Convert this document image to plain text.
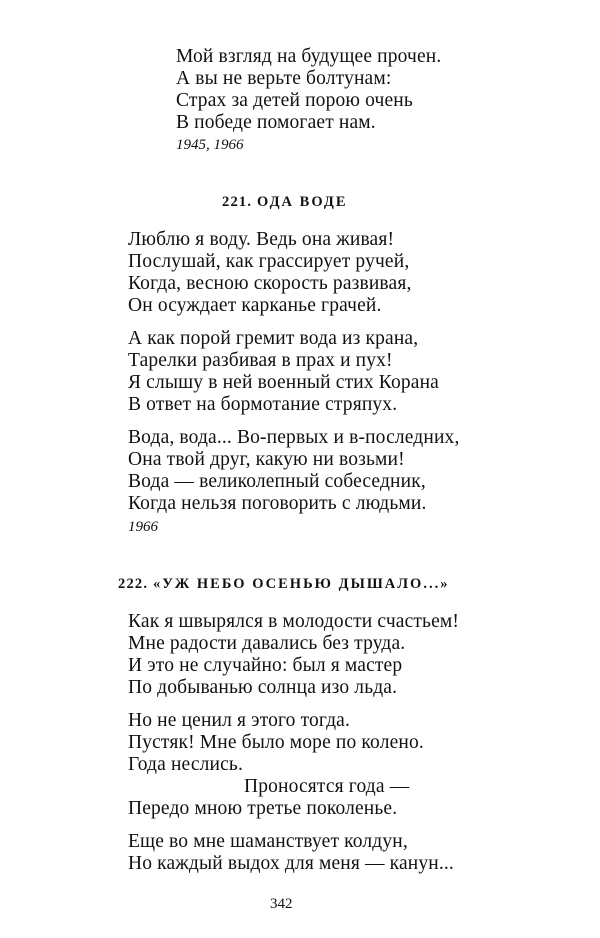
Мой взгляд на будущее прочен.
А вы не верьте болтунам:
Страх за детей порою очень
В победе помогает нам.
1945, 1966
221. ОДА ВОДЕ
Люблю я воду. Ведь она живая!
Послушай, как грассирует ручей,
Когда, весною скорость развивая,
Он осуждает карканье грачей.
А как порой гремит вода из крана,
Тарелки разбивая в прах и пух!
Я слышу в ней военный стих Корана
В ответ на бормотание стряпух.
Вода, вода... Во-первых и в-последних,
Она твой друг, какую ни возьми!
Вода — великолепный собеседник,
Когда нельзя поговорить с людьми.
1966
222. «УЖ НЕБО ОСЕНЬЮ ДЫШАЛО...»
Как я швырялся в молодости счастьем!
Мне радости давались без труда.
И это не случайно: был я мастер
По добыванью солнца изо льда.
Но не ценил я этого тогда.
Пустяк! Мне было море по колено.
Года неслись.
Проносятся года —
Передо мною третье поколенье.
Еще во мне шаманствует колдун,
Но каждый выдох для меня — канун...
342
